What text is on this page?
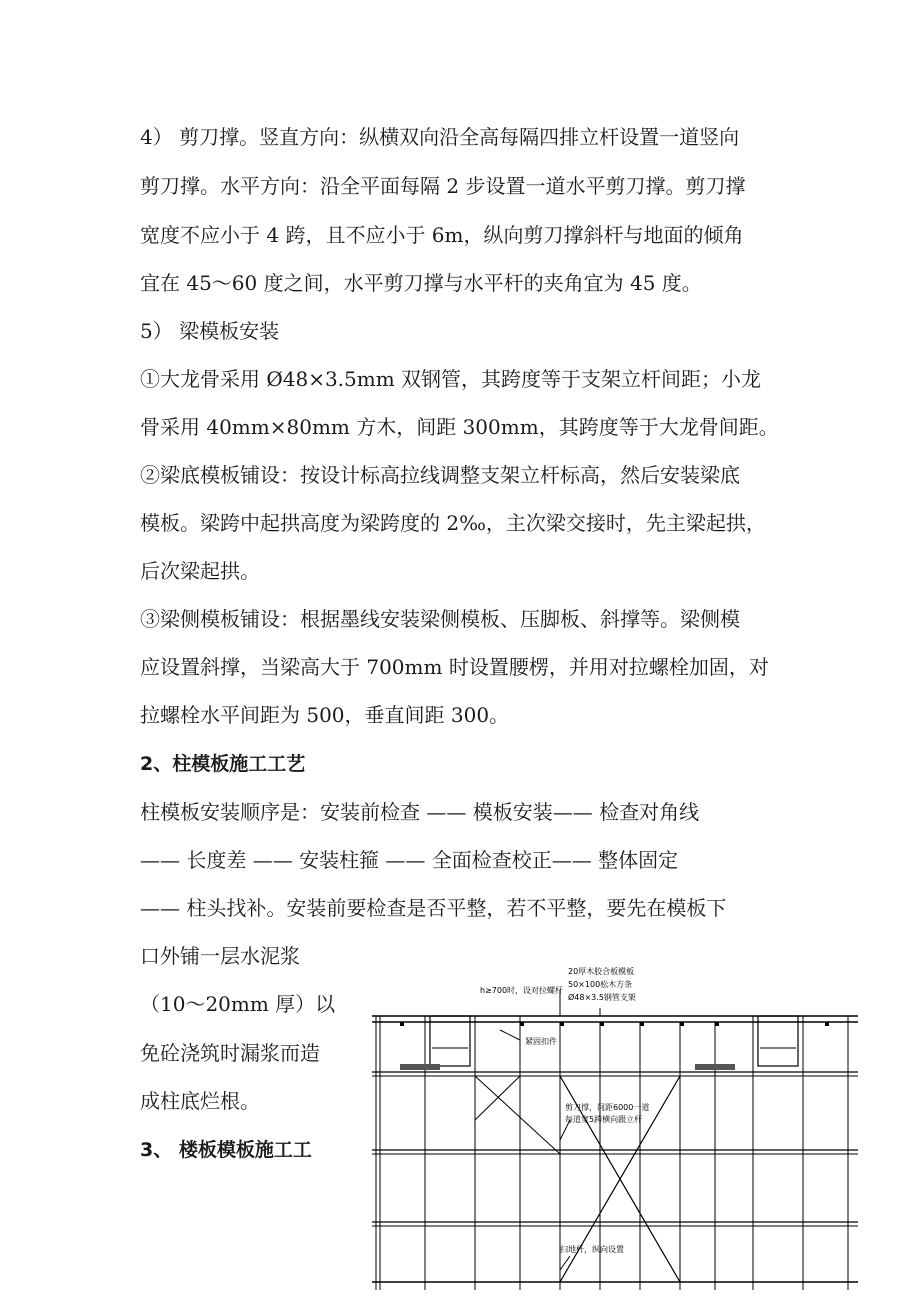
4） 剪刀撑。竖直方向：纵横双向沿全高每隔四排立杆设置一道竖向
剪刀撑。水平方向：沿全平面每隔 2 步设置一道水平剪刀撑。剪刀撑
宽度不应小于 4 跨，且不应小于 6m，纵向剪刀撑斜杆与地面的倾角
宜在 45～60 度之间，水平剪刀撑与水平杆的夹角宜为 45 度。
5） 梁模板安装
①大龙骨采用 Ø48×3.5mm 双钢管，其跨度等于支架立杆间距；小龙
骨采用 40mm×80mm 方木，间距 300mm，其跨度等于大龙骨间距。
②梁底模板铺设：按设计标高拉线调整支架立杆标高，然后安装梁底
模板。梁跨中起拱高度为梁跨度的 2‰，主次梁交接时，先主梁起拱，
后次梁起拱。
③梁侧模板铺设：根据墨线安装梁侧模板、压脚板、斜撑等。梁侧模
应设置斜撑，当梁高大于 700mm 时设置腰楞，并用对拉螺栓加固，对
拉螺栓水平间距为 500，垂直间距 300。
2、柱模板施工工艺
柱模板安装顺序是：安装前检查 —— 模板安装—— 检查对角线
—— 长度差 —— 安装柱箍 —— 全面检查校正—— 整体固定
—— 柱头找补。安装前要检查是否平整，若不平整，要先在模板下
口外铺一层水泥浆
（10～20mm 厚）以
免砼浇筑时漏浆而造
成柱底烂根。
3、 楼板模板施工工
20厚木胶合板模板
50×100松木方条
Ø48×3.5钢管支架
h≥700时，设对拉螺杆
紧固扣件
剪刀撑，间距6000一道
每道宽5跨横向跟立杆
扫地杆，纵向设置
